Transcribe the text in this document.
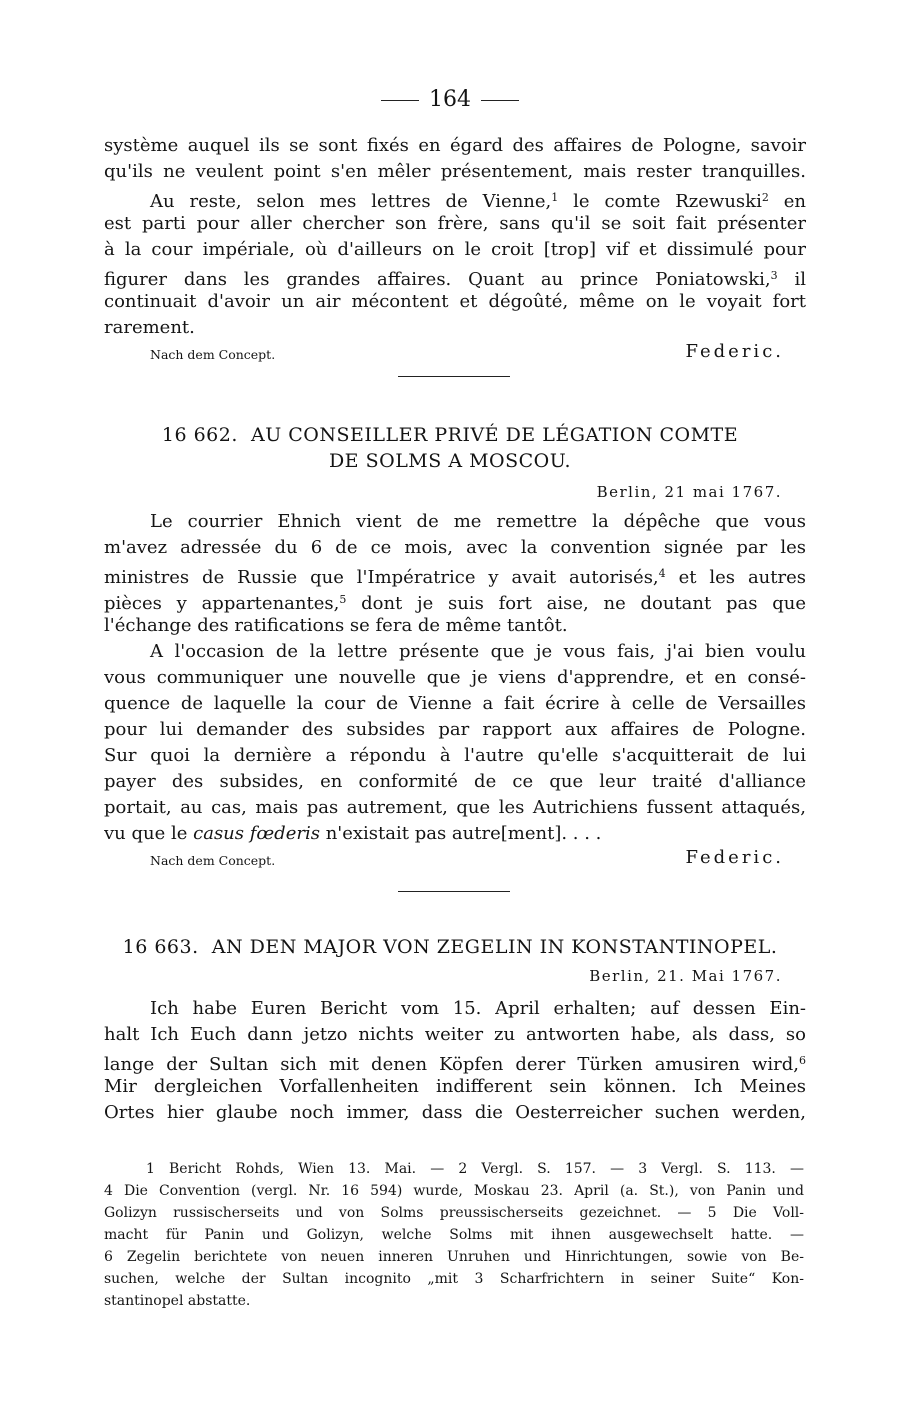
164
système auquel ils se sont fixés en égard des affaires de Pologne, savoir
qu'ils ne veulent point s'en mêler présentement, mais rester tranquilles.
Au reste, selon mes lettres de Vienne,$^1$ le comte Rzewuski$^2$ en
est parti pour aller chercher son frère, sans qu'il se soit fait présenter
à la cour impériale, où d'ailleurs on le croit [trop] vif et dissimulé pour
figurer dans les grandes affaires. Quant au prince Poniatowski,$^3$ il
continuait d'avoir un air mécontent et dégoûté, même on le voyait fort
rarement.
Nach dem Concept.	Federic.
16 662. AU CONSEILLER PRIVÉ DE LÉGATION COMTE
DE SOLMS A MOSCOU.
Berlin, 21 mai 1767.
Le courrier Ehnich vient de me remettre la dépêche que vous
m'avez adressée du 6 de ce mois, avec la convention signée par les
ministres de Russie que l'Impératrice y avait autorisés,$^4$ et les autres
pièces y appartenantes,$^5$ dont je suis fort aise, ne doutant pas que
l'échange des ratifications se fera de même tantôt.
A l'occasion de la lettre présente que je vous fais, j'ai bien voulu
vous communiquer une nouvelle que je viens d'apprendre, et en consé-
quence de laquelle la cour de Vienne a fait écrire à celle de Versailles
pour lui demander des subsides par rapport aux affaires de Pologne.
Sur quoi la dernière a répondu à l'autre qu'elle s'acquitterait de lui
payer des subsides, en conformité de ce que leur traité d'alliance
portait, au cas, mais pas autrement, que les Autrichiens fussent attaqués,
vu que le casus fœderis n'existait pas autre[ment]. . . .
Nach dem Concept.	Federic.
16 663. AN DEN MAJOR VON ZEGELIN IN KONSTANTINOPEL.
Berlin, 21. Mai 1767.
Ich habe Euren Bericht vom 15. April erhalten; auf dessen Ein-
halt Ich Euch dann jetzo nichts weiter zu antworten habe, als dass, so
lange der Sultan sich mit denen Köpfen derer Türken amusiren wird,$^6$
Mir dergleichen Vorfallenheiten indifferent sein können. Ich Meines
Ortes hier glaube noch immer, dass die Oesterreicher suchen werden,
1 Bericht Rohds, Wien 13. Mai. — 2 Vergl. S. 157. — 3 Vergl. S. 113. —
4 Die Convention (vergl. Nr. 16 594) wurde, Moskau 23. April (a. St.), von Panin und
Golizyn russischerseits und von Solms preussischerseits gezeichnet. — 5 Die Voll-
macht für Panin und Golizyn, welche Solms mit ihnen ausgewechselt hatte. —
6 Zegelin berichtete von neuen inneren Unruhen und Hinrichtungen, sowie von Be-
suchen, welche der Sultan incognito „mit 3 Scharfrichtern in seiner Suite“ Kon-
stantinopel abstatte.
